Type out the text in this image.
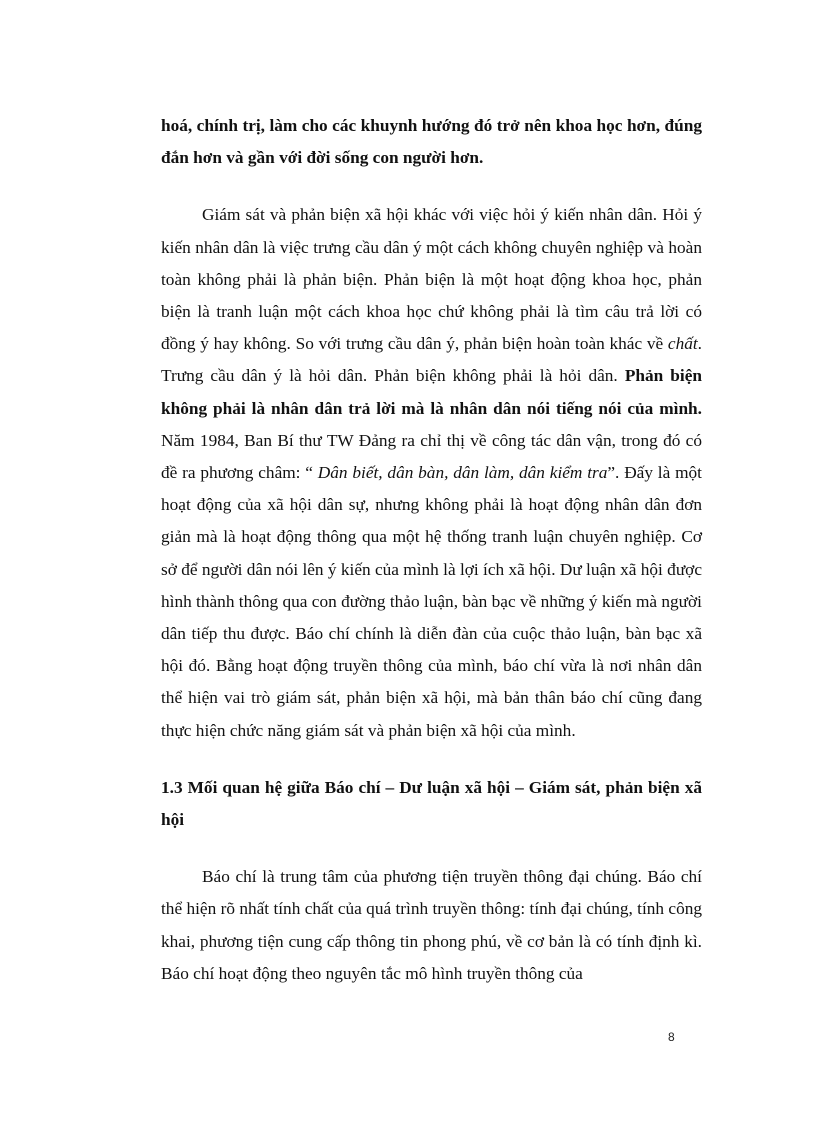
hoá, chính trị, làm cho các khuynh hướng đó trở nên khoa học hơn, đúng đắn hơn và gần với đời sống con người hơn.

Giám sát và phản biện xã hội khác với việc hỏi ý kiến nhân dân. Hỏi ý kiến nhân dân là việc trưng cầu dân ý một cách không chuyên nghiệp và hoàn toàn không phải là phản biện. Phản biện là một hoạt động khoa học, phản biện là tranh luận một cách khoa học chứ không phải là tìm câu trả lời có đồng ý hay không. So với trưng cầu dân ý, phản biện hoàn toàn khác về chất. Trưng cầu dân ý là hỏi dân. Phản biện không phải là hỏi dân. Phản biện không phải là nhân dân trả lời mà là nhân dân nói tiếng nói của mình. Năm 1984, Ban Bí thư TW Đảng ra chỉ thị về công tác dân vận, trong đó có đề ra phương châm: “ Dân biết, dân bàn, dân làm, dân kiểm tra”. Đấy là một hoạt động của xã hội dân sự, nhưng không phải là hoạt động nhân dân đơn giản mà là hoạt động thông qua một hệ thống tranh luận chuyên nghiệp. Cơ sở để người dân nói lên ý kiến của mình là lợi ích xã hội. Dư luận xã hội được hình thành thông qua con đường thảo luận, bàn bạc về những ý kiến mà người dân tiếp thu được. Báo chí chính là diễn đàn của cuộc thảo luận, bàn bạc xã hội đó. Bằng hoạt động truyền thông của mình, báo chí vừa là nơi nhân dân thể hiện vai trò giám sát, phản biện xã hội, mà bản thân báo chí cũng đang thực hiện chức năng giám sát và phản biện xã hội của mình.

1.3 Mối quan hệ giữa Báo chí – Dư luận xã hội – Giám sát, phản biện xã hội

Báo chí là trung tâm của phương tiện truyền thông đại chúng. Báo chí thể hiện rõ nhất tính chất của quá trình truyền thông: tính đại chúng, tính công khai, phương tiện cung cấp thông tin phong phú, về cơ bản là có tính định kì. Báo chí hoạt động theo nguyên tắc mô hình truyền thông của

8
